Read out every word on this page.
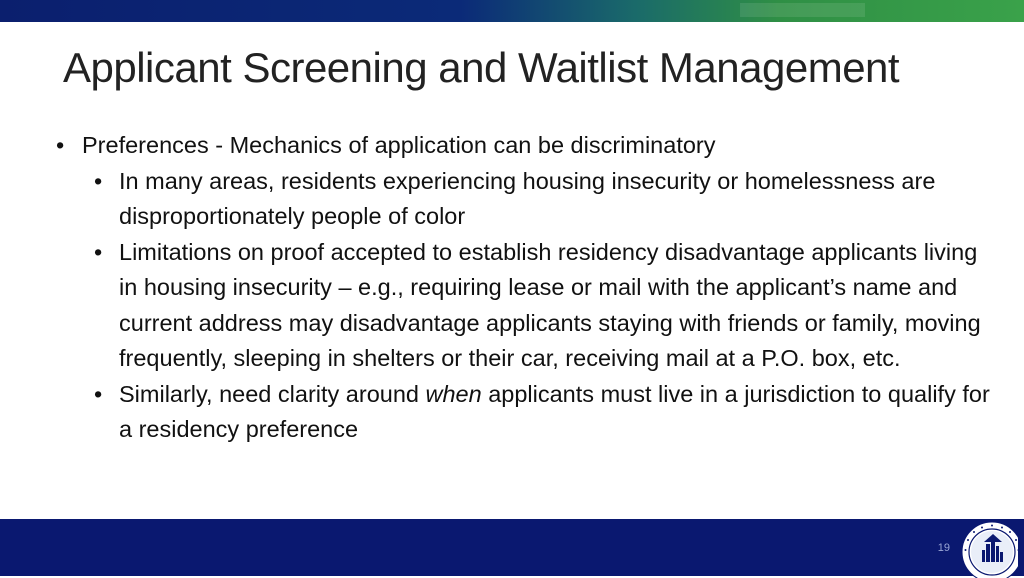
Applicant Screening and Waitlist Management
• Preferences - Mechanics of application can be discriminatory
• In many areas, residents experiencing housing insecurity or homelessness are disproportionately people of color
• Limitations on proof accepted to establish residency disadvantage applicants living in housing insecurity – e.g., requiring lease or mail with the applicant’s name and current address may disadvantage applicants staying with friends or family, moving frequently, sleeping in shelters or their car, receiving mail at a P.O. box, etc.
• Similarly, need clarity around when applicants must live in a jurisdiction to qualify for a residency preference
19
